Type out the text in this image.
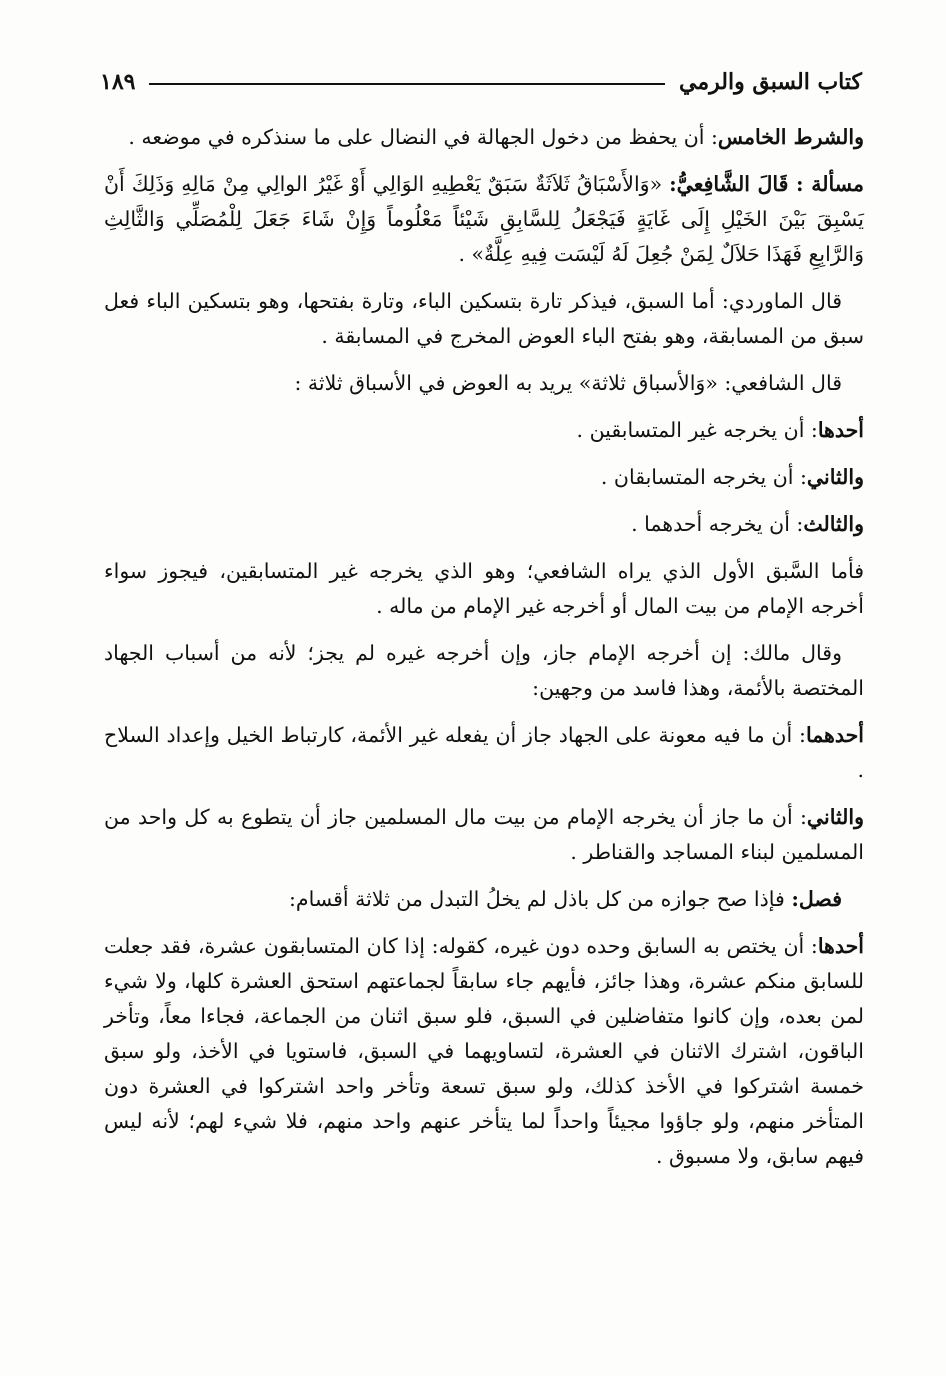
كتاب السبق والرمي
١٨٩

والشرط الخامس: أن يحفظ من دخول الجهالة في النضال على ما سنذكره في موضعه .

مسألة : قَالَ الشَّافِعيُّ: «وَالأَسْبَاقُ ثَلاَثَةٌ سَبَقٌ يَعْطِيهِ الوَالِي أَوْ غَيْرُ الوالِي مِنْ مَالِهِ وَذَلِكَ أَنْ يَسْبِقَ بَيْنَ الخَيْلِ إِلَى غَايَةٍ فَيَجْعَلُ لِلسَّابِقِ شَيْئاً مَعْلُوماً وَإِنْ شَاءَ جَعَلَ لِلْمُصَلِّي وَالثَّالِثِ وَالرَّابِعِ فَهَذَا حَلاَلٌ لِمَنْ جُعِلَ لَهُ لَيْسَت فِيهِ عِلَّةٌ» .

قال الماوردي: أما السبق، فيذكر تارة بتسكين الباء، وتارة بفتحها، وهو بتسكين الباء فعل سبق من المسابقة، وهو بفتح الباء العوض المخرج في المسابقة .

قال الشافعي: «وَالأسباق ثلاثة» يريد به العوض في الأسباق ثلاثة :

أحدها: أن يخرجه غير المتسابقين .

والثاني: أن يخرجه المتسابقان .

والثالث: أن يخرجه أحدهما .

فأما السَّبق الأول الذي يراه الشافعي؛ وهو الذي يخرجه غير المتسابقين، فيجوز سواء أخرجه الإمام من بيت المال أو أخرجه غير الإمام من ماله .

وقال مالك: إن أخرجه الإمام جاز، وإن أخرجه غيره لم يجز؛ لأنه من أسباب الجهاد المختصة بالأئمة، وهذا فاسد من وجهين:

أحدهما: أن ما فيه معونة على الجهاد جاز أن يفعله غير الأئمة، كارتباط الخيل وإعداد السلاح .

والثاني: أن ما جاز أن يخرجه الإمام من بيت مال المسلمين جاز أن يتطوع به كل واحد من المسلمين لبناء المساجد والقناطر .

فصل: فإذا صح جوازه من كل باذل لم يخلُ التبدل من ثلاثة أقسام:

أحدها: أن يختص به السابق وحده دون غيره، كقوله: إذا كان المتسابقون عشرة، فقد جعلت للسابق منكم عشرة، وهذا جائز، فأيهم جاء سابقاً لجماعتهم استحق العشرة كلها، ولا شيء لمن بعده، وإن كانوا متفاضلين في السبق، فلو سبق اثنان من الجماعة، فجاءا معاً، وتأخر الباقون، اشترك الاثنان في العشرة، لتساويهما في السبق، فاستويا في الأخذ، ولو سبق خمسة اشتركوا في الأخذ كذلك، ولو سبق تسعة وتأخر واحد اشتركوا في العشرة دون المتأخر منهم، ولو جاؤوا مجيئاً واحداً لما يتأخر عنهم واحد منهم، فلا شيء لهم؛ لأنه ليس فيهم سابق، ولا مسبوق .
